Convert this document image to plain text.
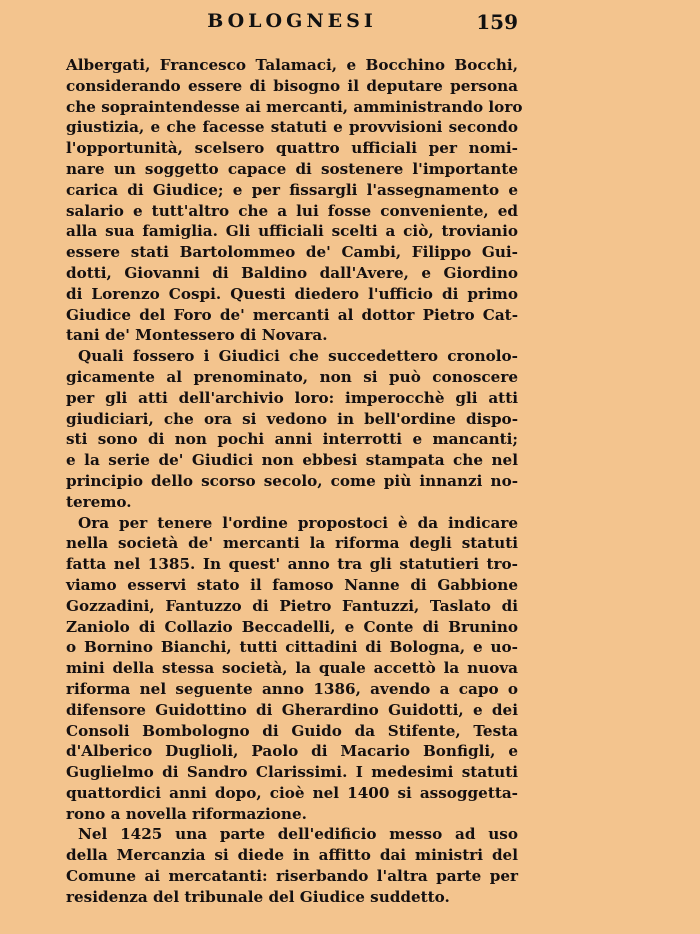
BOLOGNESI	159
Albergati, Francesco Talamaci, e Bocchino Bocchi,
considerando essere di bisogno il deputare persona
che sopraintendesse ai mercanti, amministrando loro
giustizia, e che facesse statuti e provvisioni secondo
l'opportunità, scelsero quattro ufficiali per nomi-
nare un soggetto capace di sostenere l'importante
carica di Giudice; e per fissargli l'assegnamento e
salario e tutt'altro che a lui fosse conveniente, ed
alla sua famiglia. Gli ufficiali scelti a ciò, trovianio
essere stati Bartolommeo de' Cambi, Filippo Gui-
dotti, Giovanni di Baldino dall'Avere, e Giordino
di Lorenzo Cospi. Questi diedero l'ufficio di primo
Giudice del Foro de' mercanti al dottor Pietro Cat-
tani de' Montessero di Novara.
Quali fossero i Giudici che succedettero cronolo-
gicamente al prenominato, non si può conoscere
per gli atti dell'archivio loro: imperocchè gli atti
giudiciari, che ora si vedono in bell'ordine dispo-
sti sono di non pochi anni interrotti e mancanti;
e la serie de' Giudici non ebbesi stampata che nel
principio dello scorso secolo, come più innanzi no-
teremo.
Ora per tenere l'ordine propostoci è da indicare
nella società de' mercanti la riforma degli statuti
fatta nel 1385. In quest' anno tra gli statutieri tro-
viamo esservi stato il famoso Nanne di Gabbione
Gozzadini, Fantuzzo di Pietro Fantuzzi, Taslato di
Zaniolo di Collazio Beccadelli, e Conte di Brunino
o Bornino Bianchi, tutti cittadini di Bologna, e uo-
mini della stessa società, la quale accettò la nuova
riforma nel seguente anno 1386, avendo a capo o
difensore Guidottino di Gherardino Guidotti, e dei
Consoli Bombologno di Guido da Stifente, Testa
d'Alberico Duglioli, Paolo di Macario Bonfigli, e
Guglielmo di Sandro Clarissimi. I medesimi statuti
quattordici anni dopo, cioè nel 1400 si assoggetta-
rono a novella riformazione.
Nel 1425 una parte dell'edificio messo ad uso
della Mercanzia si diede in affitto dai ministri del
Comune ai mercatanti: riserbando l'altra parte per
residenza del tribunale del Giudice suddetto.
